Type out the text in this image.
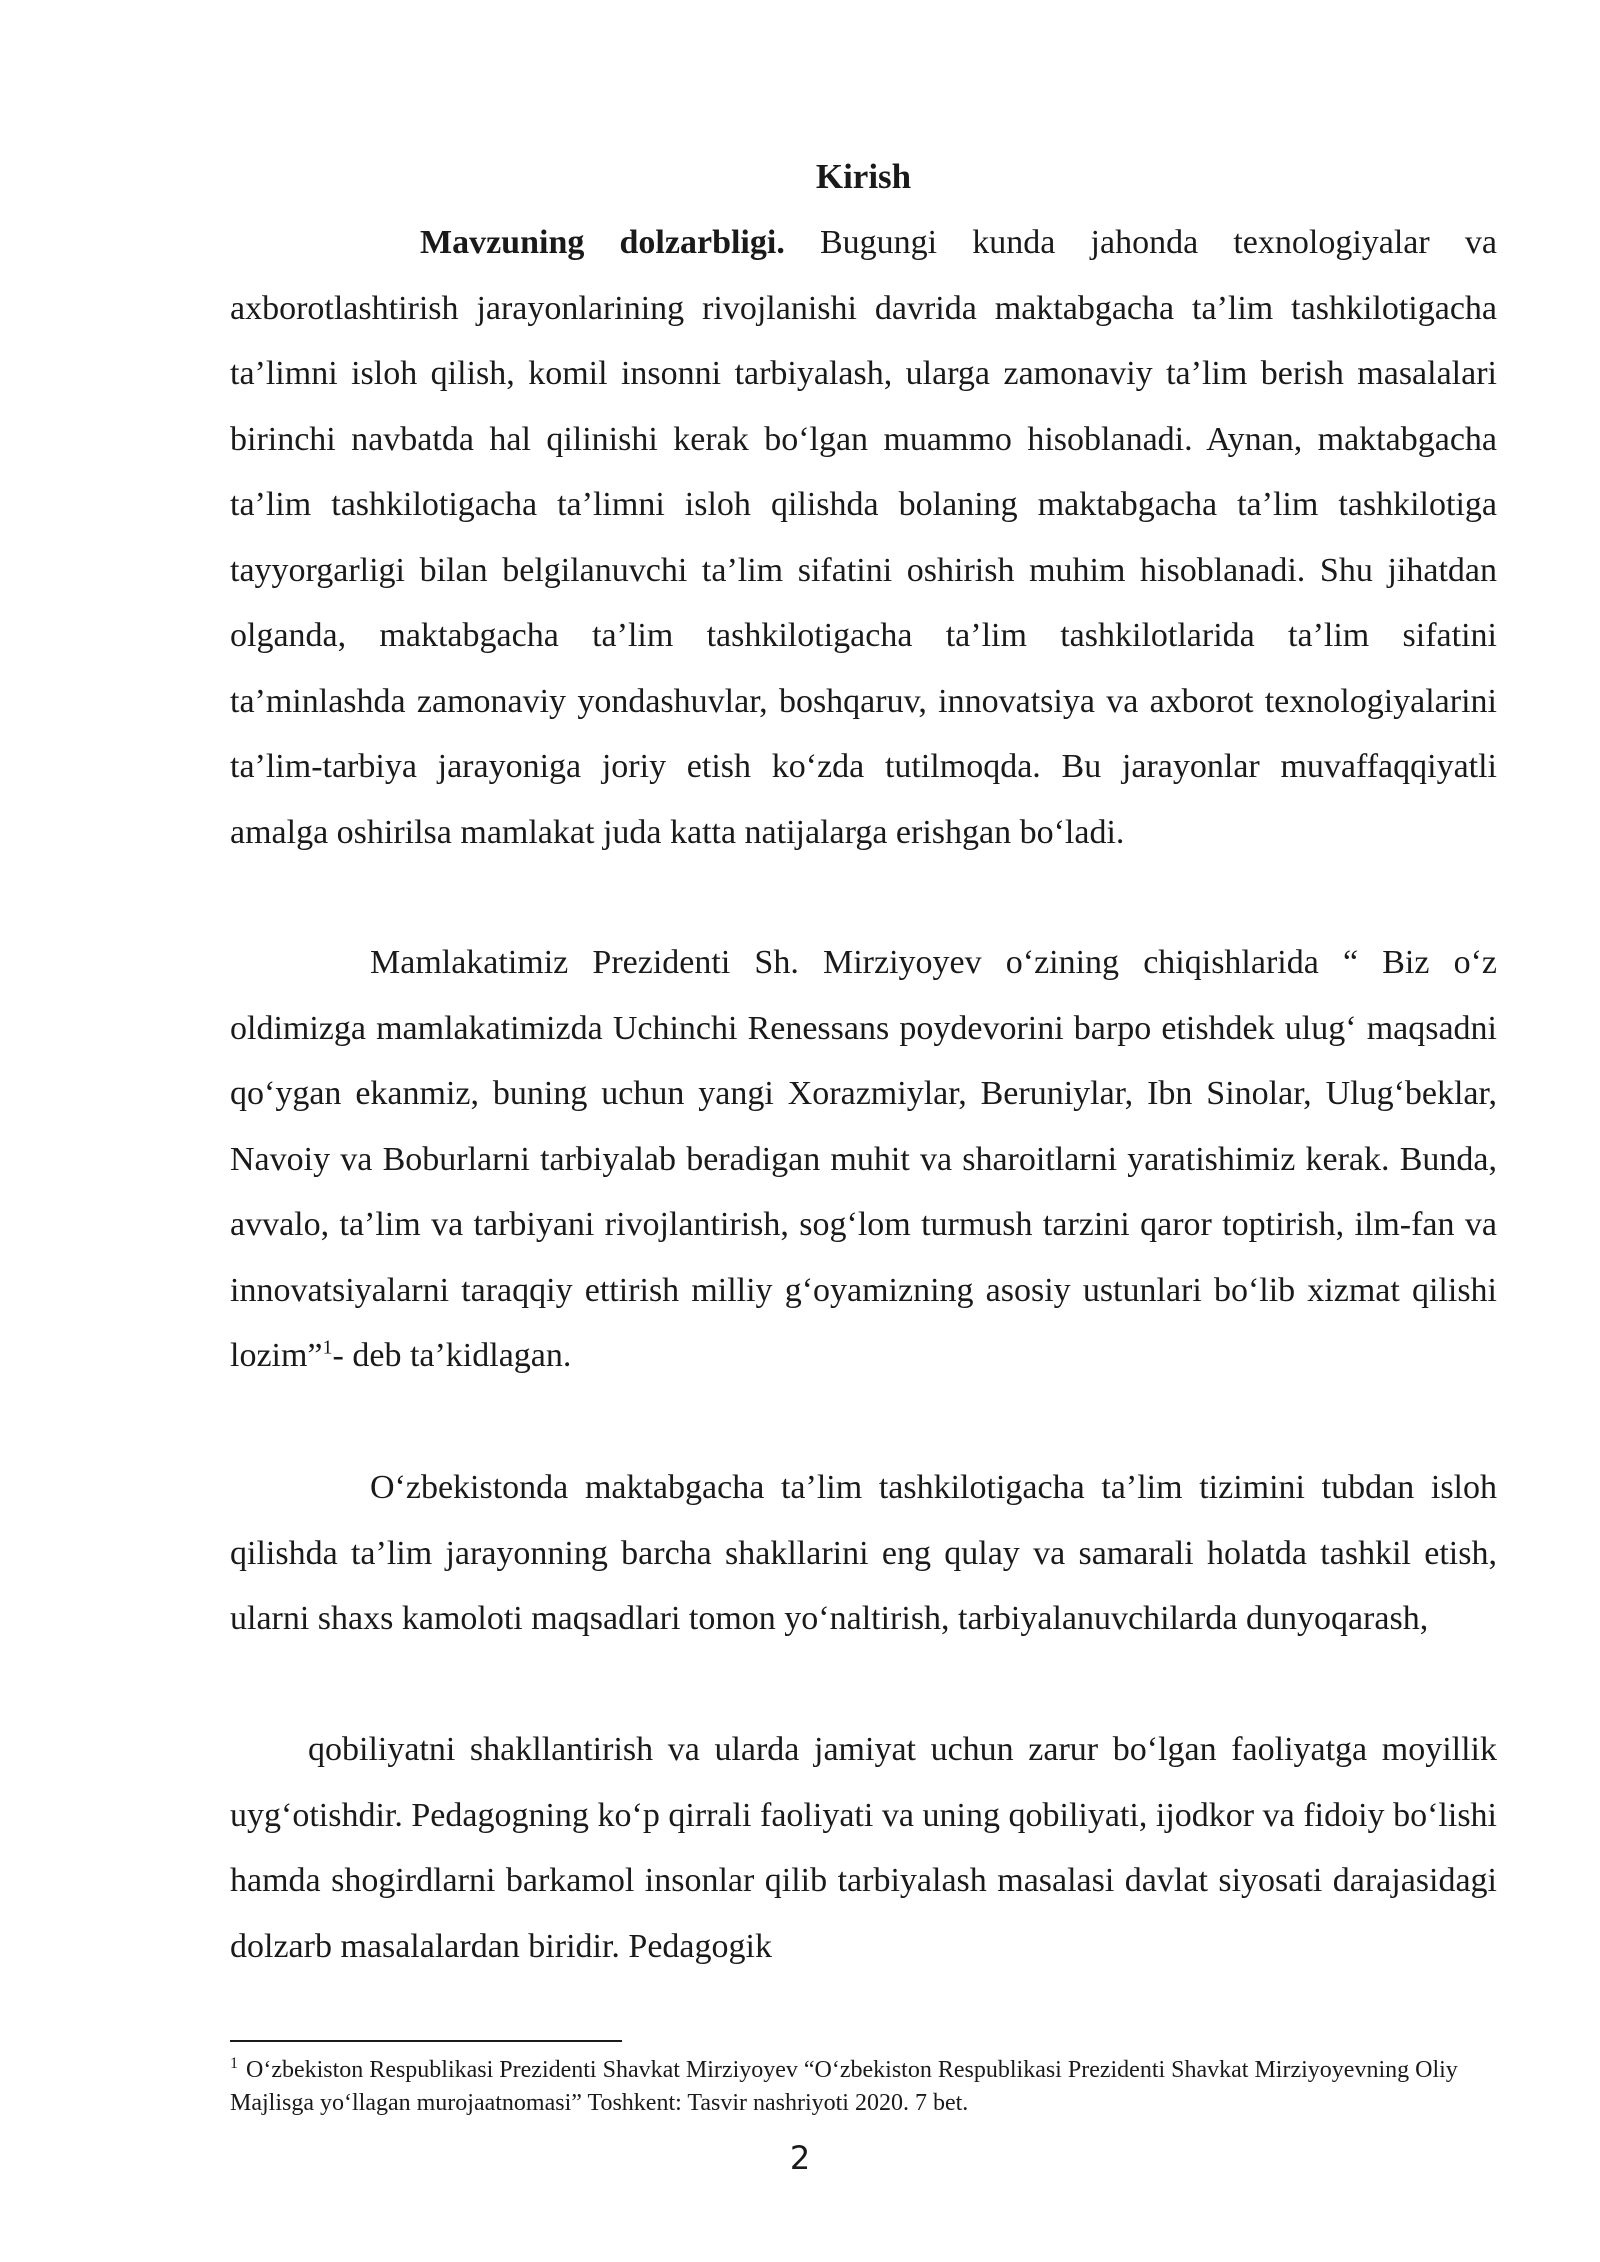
Kirish

Mavzuning dolzarbligi. Bugungi kunda jahonda texnologiyalar va axborotlashtirish jarayonlarining rivojlanishi davrida maktabgacha ta’lim tashkilotigacha ta’limni isloh qilish, komil insonni tarbiyalash, ularga zamonaviy ta’lim berish masalalari birinchi navbatda hal qilinishi kerak bo‘lgan muammo hisoblanadi. Aynan, maktabgacha ta’lim tashkilotigacha ta’limni isloh qilishda bolaning maktabgacha ta’lim tashkilotiga tayyorgarligi bilan belgilanuvchi ta’lim sifatini oshirish muhim hisoblanadi. Shu jihatdan olganda, maktabgacha ta’lim tashkilotigacha ta’lim tashkilotlarida ta’lim sifatini ta’minlashda zamonaviy yondashuvlar, boshqaruv, innovatsiya va axborot texnologiyalarini ta’lim-tarbiya jarayoniga joriy etish ko‘zda tutilmoqda. Bu jarayonlar muvaffaqqiyatli amalga oshirilsa mamlakat juda katta natijalarga erishgan bo‘ladi.

Mamlakatimiz Prezidenti Sh. Mirziyoyev o‘zining chiqishlarida “ Biz o‘z oldimizga mamlakatimizda Uchinchi Renessans poydevorini barpo etishdek ulug‘ maqsadni qo‘ygan ekanmiz, buning uchun yangi Xorazmiylar, Beruniylar, Ibn Sinolar, Ulug‘beklar, Navoiy va Boburlarni tarbiyalab beradigan muhit va sharoitlarni yaratishimiz kerak. Bunda, avvalo, ta’lim va tarbiyani rivojlantirish, sog‘lom turmush tarzini qaror toptirish, ilm-fan va innovatsiyalarni taraqqiy ettirish milliy g‘oyamizning asosiy ustunlari bo‘lib xizmat qilishi lozim”$^1$- deb ta’kidlagan.

O‘zbekistonda maktabgacha ta’lim tashkilotigacha ta’lim tizimini tubdan isloh qilishda ta’lim jarayonning barcha shakllarini eng qulay va samarali holatda tashkil etish, ularni shaxs kamoloti maqsadlari tomon yo‘naltirish, tarbiyalanuvchilarda dunyoqarash,

qobiliyatni shakllantirish va ularda jamiyat uchun zarur bo‘lgan faoliyatga moyillik uyg‘otishdir. Pedagogning ko‘p qirrali faoliyati va uning qobiliyati, ijodkor va fidoiy bo‘lishi hamda shogirdlarni barkamol insonlar qilib tarbiyalash masalasi davlat siyosati darajasidagi dolzarb masalalardan biridir. Pedagogik

$^1$ O‘zbekiston Respublikasi Prezidenti Shavkat Mirziyoyev “O‘zbekiston Respublikasi Prezidenti Shavkat Mirziyoyevning Oliy Majlisga yo‘llagan murojaatnomasi” Toshkent: Tasvir nashriyoti 2020. 7 bet.
2
